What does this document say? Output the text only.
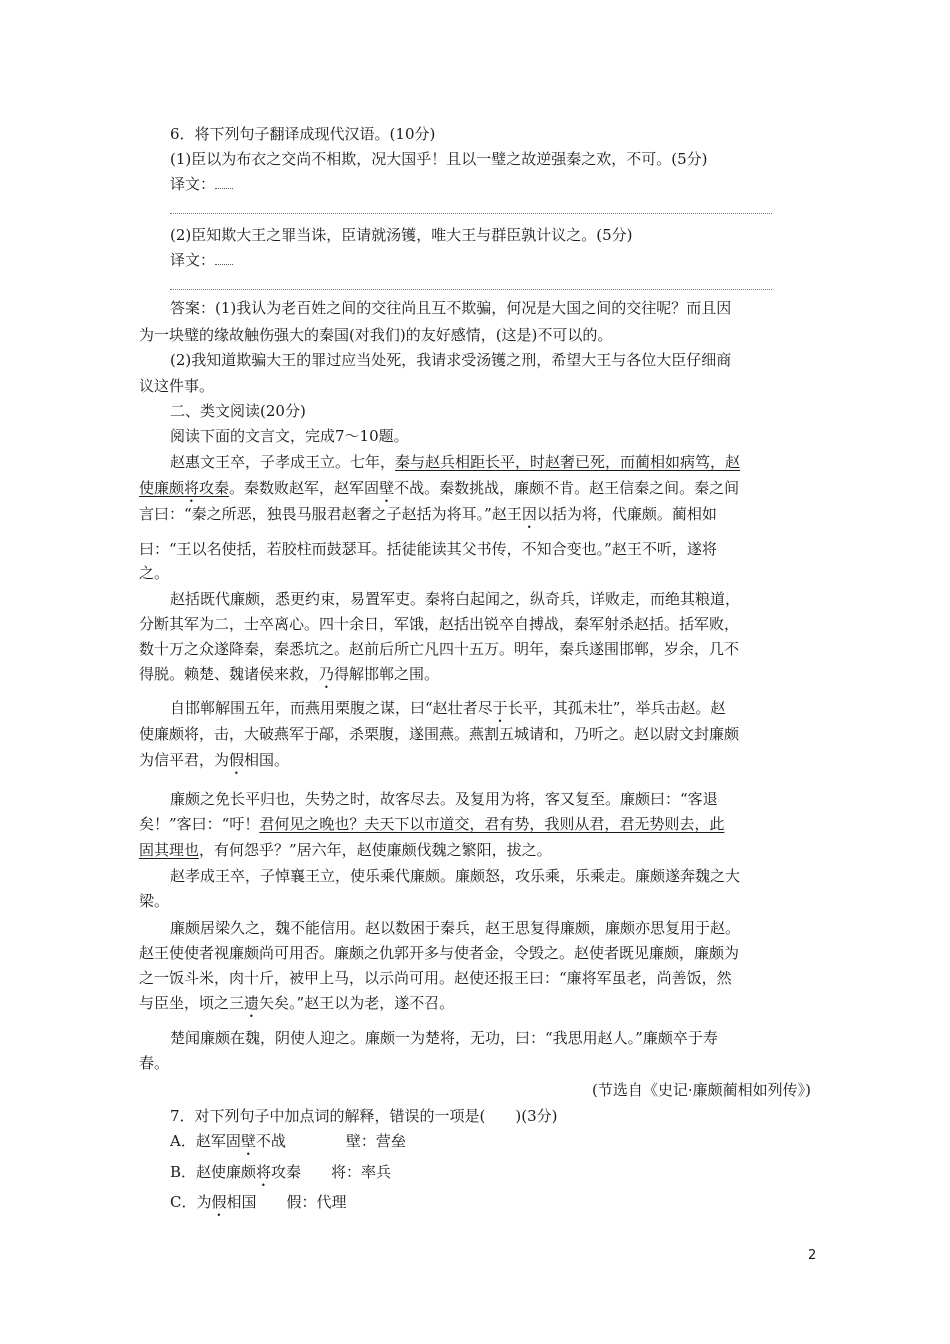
6．将下列句子翻译成现代汉语。(10分)
(1)臣以为布衣之交尚不相欺，况大国乎！且以一璧之故逆强秦之欢，不可。(5分)
译文：
(2)臣知欺大王之罪当诛，臣请就汤镬，唯大王与群臣孰计议之。(5分)
译文：
答案：(1)我认为老百姓之间的交往尚且互不欺骗，何况是大国之间的交往呢？而且因
为一块璧的缘故触伤强大的秦国(对我们)的友好感情，(这是)不可以的。
(2)我知道欺骗大王的罪过应当处死，我请求受汤镬之刑，希望大王与各位大臣仔细商
议这件事。
二、类文阅读(20分)
阅读下面的文言文，完成7～10题。
赵惠文王卒，子孝成王立。七年，秦与赵兵相距长平，时赵奢已死，而蔺相如病笃，赵
使廉颇将攻秦。秦数败赵军，赵军固壁不战。秦数挑战，廉颇不肯。赵王信秦之间。秦之间
言曰：“秦之所恶，独畏马服君赵奢之子赵括为将耳。”赵王因以括为将，代廉颇。蔺相如
曰：“王以名使括，若胶柱而鼓瑟耳。括徒能读其父书传，不知合变也。”赵王不听，遂将
之。
赵括既代廉颇，悉更约束，易置军吏。秦将白起闻之，纵奇兵，详败走，而绝其粮道，
分断其军为二，士卒离心。四十余日，军饿，赵括出锐卒自搏战，秦军射杀赵括。括军败，
数十万之众遂降秦，秦悉坑之。赵前后所亡凡四十五万。明年，秦兵遂围邯郸，岁余，几不
得脱。赖楚、魏诸侯来救，乃得解邯郸之围。
自邯郸解围五年，而燕用栗腹之谋，曰“赵壮者尽于长平，其孤未壮”，举兵击赵。赵
使廉颇将，击，大破燕军于鄗，杀栗腹，遂围燕。燕割五城请和，乃听之。赵以尉文封廉颇
为信平君，为假相国。
廉颇之免长平归也，失势之时，故客尽去。及复用为将，客又复至。廉颇曰：“客退
矣！”客曰：“吁！君何见之晚也？夫天下以市道交，君有势，我则从君，君无势则去，此
固其理也，有何怨乎？”居六年，赵使廉颇伐魏之繁阳，拔之。
赵孝成王卒，子悼襄王立，使乐乘代廉颇。廉颇怒，攻乐乘，乐乘走。廉颇遂奔魏之大
梁。
廉颇居梁久之，魏不能信用。赵以数困于秦兵，赵王思复得廉颇，廉颇亦思复用于赵。
赵王使使者视廉颇尚可用否。廉颇之仇郭开多与使者金，令毁之。赵使者既见廉颇，廉颇为
之一饭斗米，肉十斤，被甲上马，以示尚可用。赵使还报王曰：“廉将军虽老，尚善饭，然
与臣坐，顷之三遗矢矣。”赵王以为老，遂不召。
楚闻廉颇在魏，阴使人迎之。廉颇一为楚将，无功，曰：“我思用赵人。”廉颇卒于寿
春。
(节选自《史记·廉颇蔺相如列传》)
7．对下列句子中加点词的解释，错误的一项是(　　)(3分)
A．赵军固壁不战　　　　壁：营垒
B．赵使廉颇将攻秦　　将：率兵
C．为假相国　　假：代理
2
